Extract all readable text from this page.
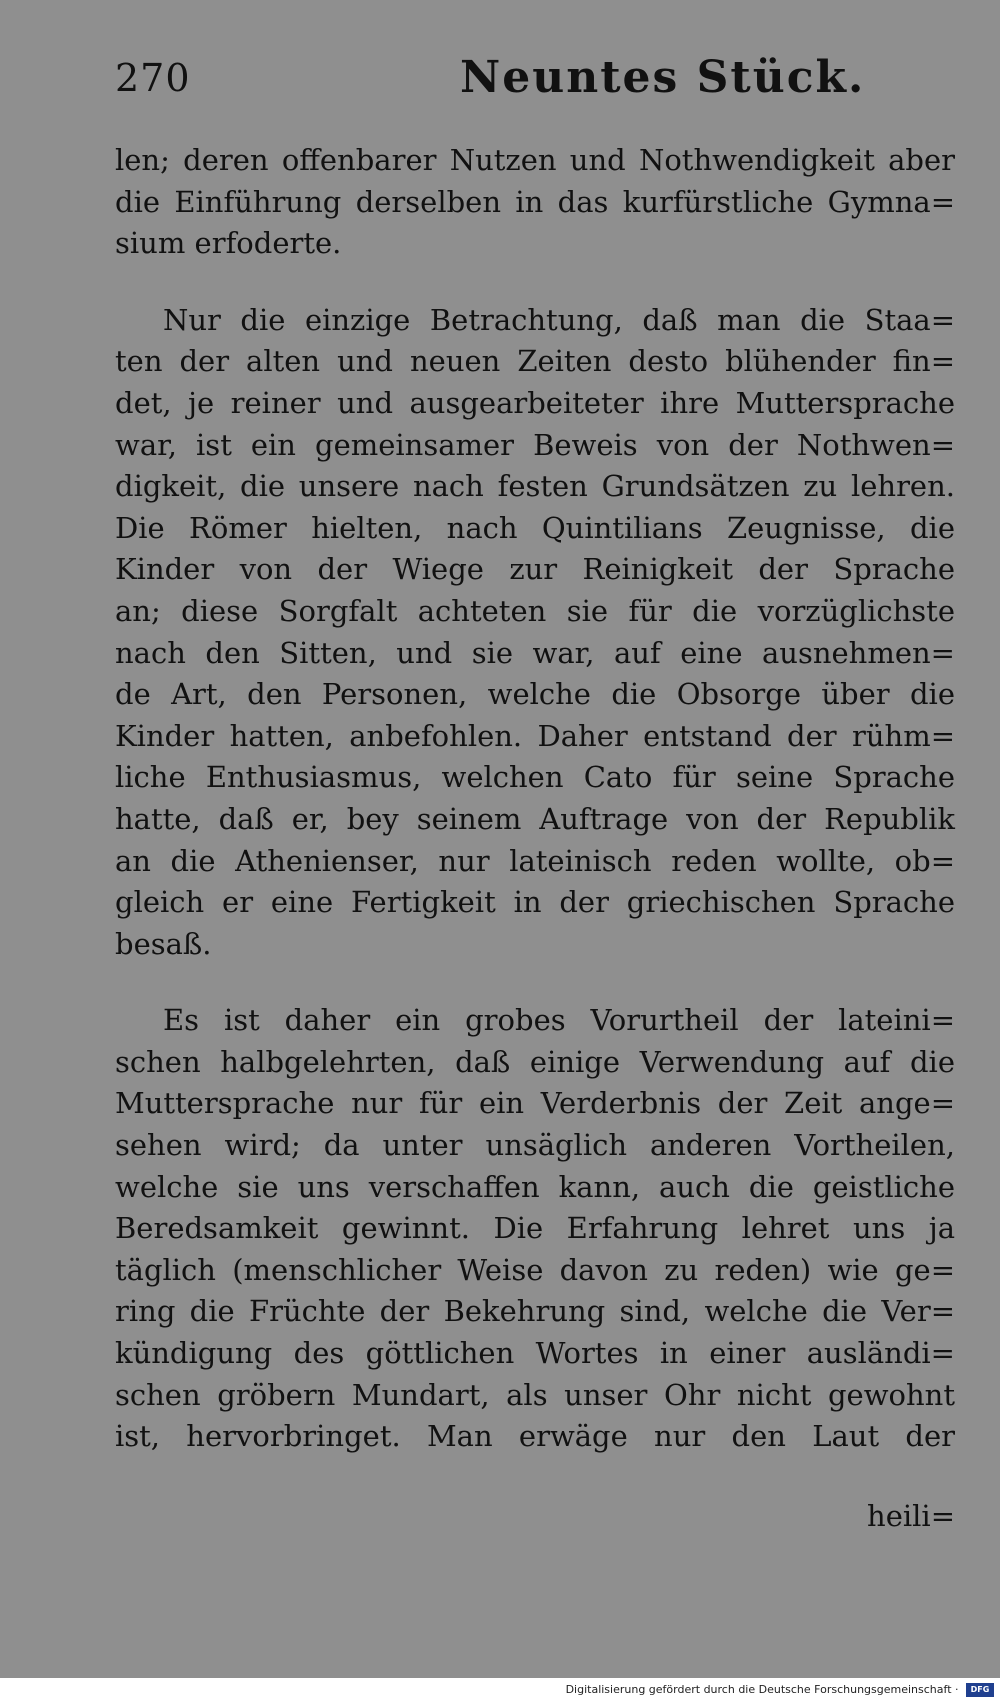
270	Neuntes Stück.
len; deren offenbarer Nutzen und Nothwendigkeit aber
die Einführung derselben in das kurfürstliche Gymna=
sium erfoderte.
Nur die einzige Betrachtung, daß man die Staa=
ten der alten und neuen Zeiten desto blühender fin=
det, je reiner und ausgearbeiteter ihre Muttersprache
war, ist ein gemeinsamer Beweis von der Nothwen=
digkeit, die unsere nach festen Grundsätzen zu lehren.
Die Römer hielten, nach Quintilians Zeugnisse, die
Kinder von der Wiege zur Reinigkeit der Sprache
an; diese Sorgfalt achteten sie für die vorzüglichste
nach den Sitten, und sie war, auf eine ausnehmen=
de Art, den Personen, welche die Obsorge über die
Kinder hatten, anbefohlen. Daher entstand der rühm=
liche Enthusiasmus, welchen Cato für seine Sprache
hatte, daß er, bey seinem Auftrage von der Republik
an die Athenienser, nur lateinisch reden wollte, ob=
gleich er eine Fertigkeit in der griechischen Sprache
besaß.
Es ist daher ein grobes Vorurtheil der lateini=
schen halbgelehrten, daß einige Verwendung auf die
Muttersprache nur für ein Verderbnis der Zeit ange=
sehen wird; da unter unsäglich anderen Vortheilen,
welche sie uns verschaffen kann, auch die geistliche
Beredsamkeit gewinnt. Die Erfahrung lehret uns ja
täglich (menschlicher Weise davon zu reden) wie ge=
ring die Früchte der Bekehrung sind, welche die Ver=
kündigung des göttlichen Wortes in einer ausländi=
schen gröbern Mundart, als unser Ohr nicht gewohnt
ist, hervorbringet. Man erwäge nur den Laut der
heili=
Digitalisierung gefördert durch die Deutsche Forschungsgemeinschaft · DFG
